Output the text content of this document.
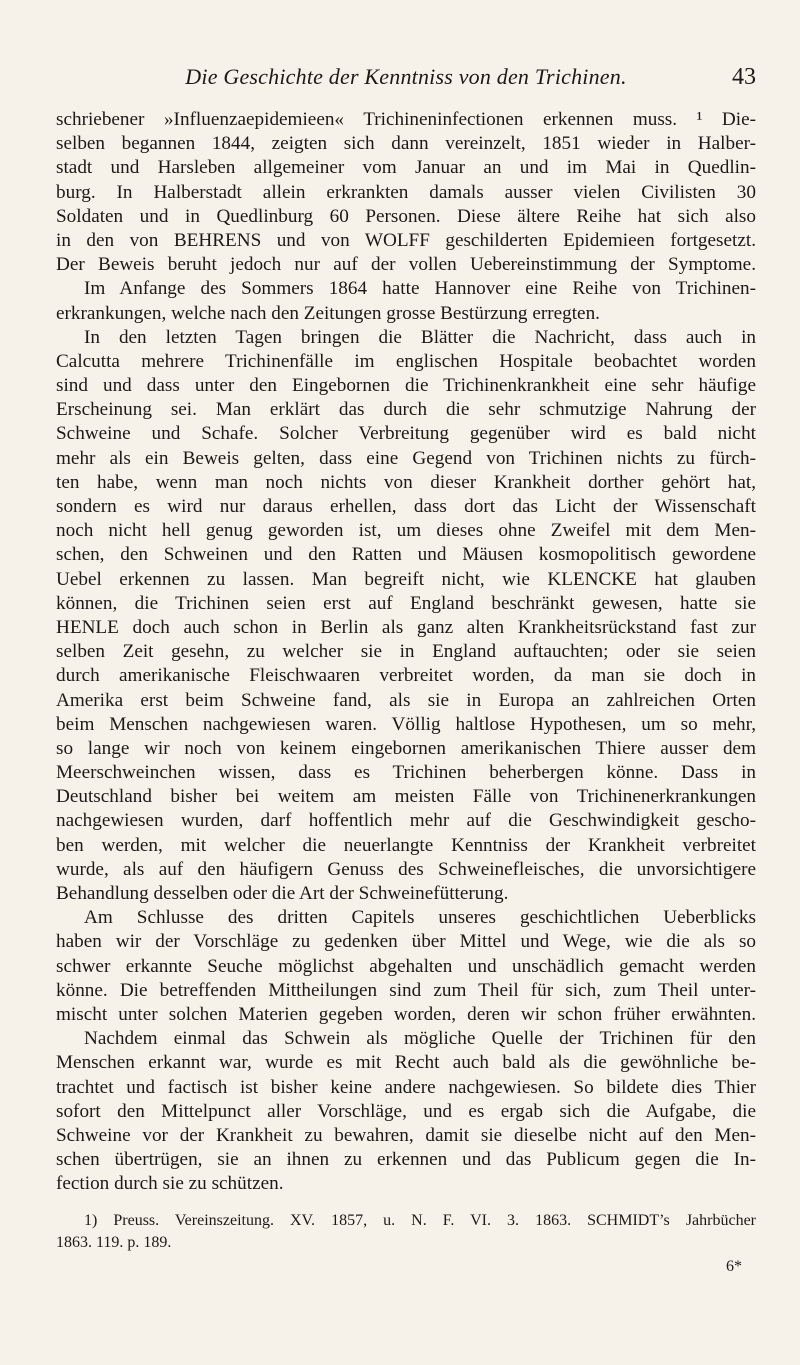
Die Geschichte der Kenntniss von den Trichinen.	43
schriebener »Influenzaepidemieen« Trichineninfectionen erkennen muss. ¹ Die-
selben begannen 1844, zeigten sich dann vereinzelt, 1851 wieder in Halber-
stadt und Harsleben allgemeiner vom Januar an und im Mai in Quedlin-
burg. In Halberstadt allein erkrankten damals ausser vielen Civilisten 30
Soldaten und in Quedlinburg 60 Personen. Diese ältere Reihe hat sich also
in den von BEHRENS und von WOLFF geschilderten Epidemieen fortgesetzt.
Der Beweis beruht jedoch nur auf der vollen Uebereinstimmung der Symptome.
Im Anfange des Sommers 1864 hatte Hannover eine Reihe von Trichinen-
erkrankungen, welche nach den Zeitungen grosse Bestürzung erregten.
In den letzten Tagen bringen die Blätter die Nachricht, dass auch in
Calcutta mehrere Trichinenfälle im englischen Hospitale beobachtet worden
sind und dass unter den Eingebornen die Trichinenkrankheit eine sehr häufige
Erscheinung sei. Man erklärt das durch die sehr schmutzige Nahrung der
Schweine und Schafe. Solcher Verbreitung gegenüber wird es bald nicht
mehr als ein Beweis gelten, dass eine Gegend von Trichinen nichts zu fürch-
ten habe, wenn man noch nichts von dieser Krankheit dorther gehört hat,
sondern es wird nur daraus erhellen, dass dort das Licht der Wissenschaft
noch nicht hell genug geworden ist, um dieses ohne Zweifel mit dem Men-
schen, den Schweinen und den Ratten und Mäusen kosmopolitisch gewordene
Uebel erkennen zu lassen. Man begreift nicht, wie KLENCKE hat glauben
können, die Trichinen seien erst auf England beschränkt gewesen, hatte sie
HENLE doch auch schon in Berlin als ganz alten Krankheitsrückstand fast zur
selben Zeit gesehn, zu welcher sie in England auftauchten; oder sie seien
durch amerikanische Fleischwaaren verbreitet worden, da man sie doch in
Amerika erst beim Schweine fand, als sie in Europa an zahlreichen Orten
beim Menschen nachgewiesen waren. Völlig haltlose Hypothesen, um so mehr,
so lange wir noch von keinem eingebornen amerikanischen Thiere ausser dem
Meerschweinchen wissen, dass es Trichinen beherbergen könne. Dass in
Deutschland bisher bei weitem am meisten Fälle von Trichinenerkrankungen
nachgewiesen wurden, darf hoffentlich mehr auf die Geschwindigkeit gescho-
ben werden, mit welcher die neuerlangte Kenntniss der Krankheit verbreitet
wurde, als auf den häufigern Genuss des Schweinefleisches, die unvorsichtigere
Behandlung desselben oder die Art der Schweinefütterung.
Am Schlusse des dritten Capitels unseres geschichtlichen Ueberblicks
haben wir der Vorschläge zu gedenken über Mittel und Wege, wie die als so
schwer erkannte Seuche möglichst abgehalten und unschädlich gemacht werden
könne. Die betreffenden Mittheilungen sind zum Theil für sich, zum Theil unter-
mischt unter solchen Materien gegeben worden, deren wir schon früher erwähnten.
Nachdem einmal das Schwein als mögliche Quelle der Trichinen für den
Menschen erkannt war, wurde es mit Recht auch bald als die gewöhnliche be-
trachtet und factisch ist bisher keine andere nachgewiesen. So bildete dies Thier
sofort den Mittelpunct aller Vorschläge, und es ergab sich die Aufgabe, die
Schweine vor der Krankheit zu bewahren, damit sie dieselbe nicht auf den Men-
schen übertrügen, sie an ihnen zu erkennen und das Publicum gegen die In-
fection durch sie zu schützen.
1) Preuss. Vereinszeitung. XV. 1857, u. N. F. VI. 3. 1863. SCHMIDT’s Jahrbücher
1863. 119. p. 189.
6*
